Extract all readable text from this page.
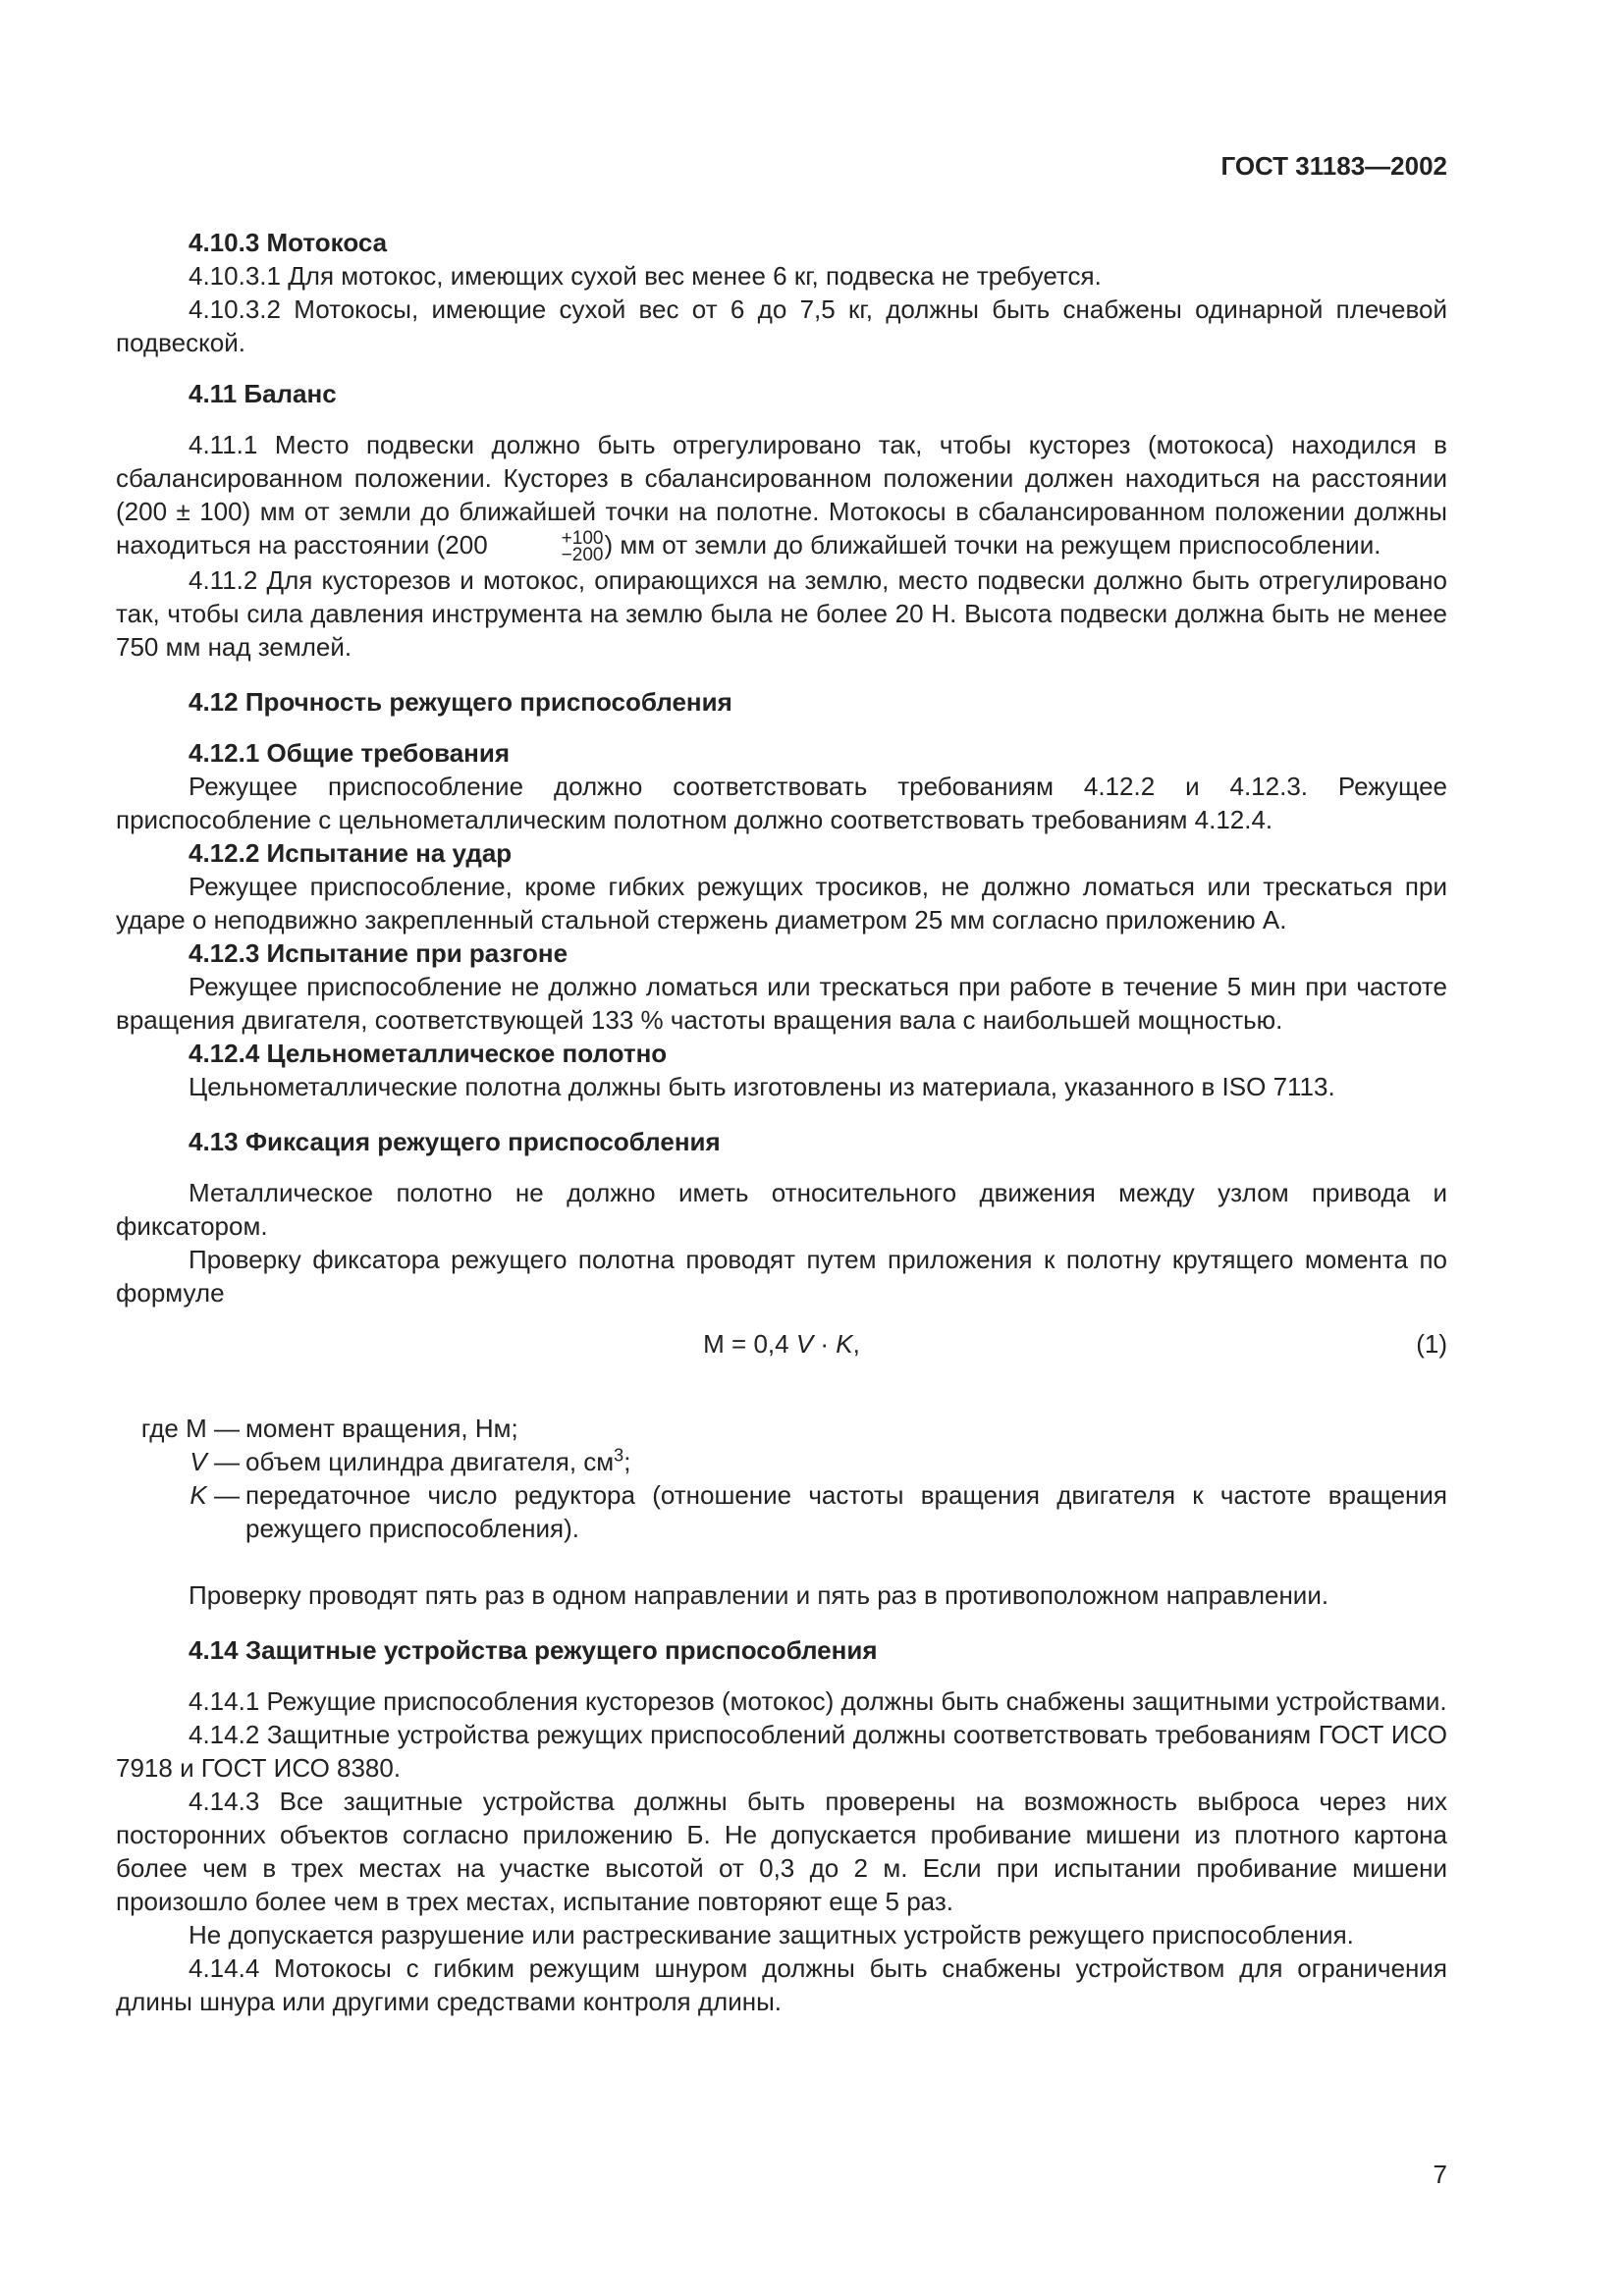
ГОСТ 31183—2002

4.10.3 Мотокоса

4.10.3.1 Для мотокос, имеющих сухой вес менее 6 кг, подвеска не требуется.

4.10.3.2 Мотокосы, имеющие сухой вес от 6 до 7,5 кг, должны быть снабжены одинарной плечевой подвеской.

4.11 Баланс

4.11.1 Место подвески должно быть отрегулировано так, чтобы кусторез (мотокоса) находился в сбалансированном положении. Кусторез в сбалансированном положении должен находиться на расстоянии (200 ± 100) мм от земли до ближайшей точки на полотне. Мотокосы в сбалансированном положении должны находиться на расстоянии (200	+100
−200 ) мм от земли до ближайшей точки на режущем приспособлении.

4.11.2 Для кусторезов и мотокос, опирающихся на землю, место подвески должно быть отрегулировано так, чтобы сила давления инструмента на землю была не более 20 Н. Высота подвески должна быть не менее 750 мм над землей.

4.12 Прочность режущего приспособления

4.12.1 Общие требования

Режущее приспособление должно соответствовать требованиям 4.12.2 и 4.12.3. Режущее приспособление с цельнометаллическим полотном должно соответствовать требованиям 4.12.4.

4.12.2 Испытание на удар

Режущее приспособление, кроме гибких режущих тросиков, не должно ломаться или трескаться при ударе о неподвижно закрепленный стальной стержень диаметром 25 мм согласно приложению А.

4.12.3 Испытание при разгоне

Режущее приспособление не должно ломаться или трескаться при работе в течение 5 мин при частоте вращения двигателя, соответствующей 133 % частоты вращения вала с наибольшей мощностью.

4.12.4 Цельнометаллическое полотно

Цельнометаллические полотна должны быть изготовлены из материала, указанного в ISO 7113.

4.13 Фиксация режущего приспособления

Металлическое полотно не должно иметь относительного движения между узлом привода и фиксатором.

Проверку фиксатора режущего полотна проводят путем приложения к полотну крутящего момента по формуле

М = 0,4 V · K,	(1)
где М — момент вращения, Нм;
V — объем цилиндра двигателя, $см^3$;
K — передаточное число редуктора (отношение частоты вращения двигателя к частоте вращения режущего приспособления).

Проверку проводят пять раз в одном направлении и пять раз в противоположном направлении.

4.14 Защитные устройства режущего приспособления

4.14.1 Режущие приспособления кусторезов (мотокос) должны быть снабжены защитными устройствами.

4.14.2 Защитные устройства режущих приспособлений должны соответствовать требованиям ГОСТ ИСО 7918 и ГОСТ ИСО 8380.

4.14.3 Все защитные устройства должны быть проверены на возможность выброса через них посторонних объектов согласно приложению Б. Не допускается пробивание мишени из плотного картона более чем в трех местах на участке высотой от 0,3 до 2 м. Если при испытании пробивание мишени произошло более чем в трех местах, испытание повторяют еще 5 раз.

Не допускается разрушение или растрескивание защитных устройств режущего приспособления.

4.14.4 Мотокосы с гибким режущим шнуром должны быть снабжены устройством для ограничения длины шнура или другими средствами контроля длины.

7
